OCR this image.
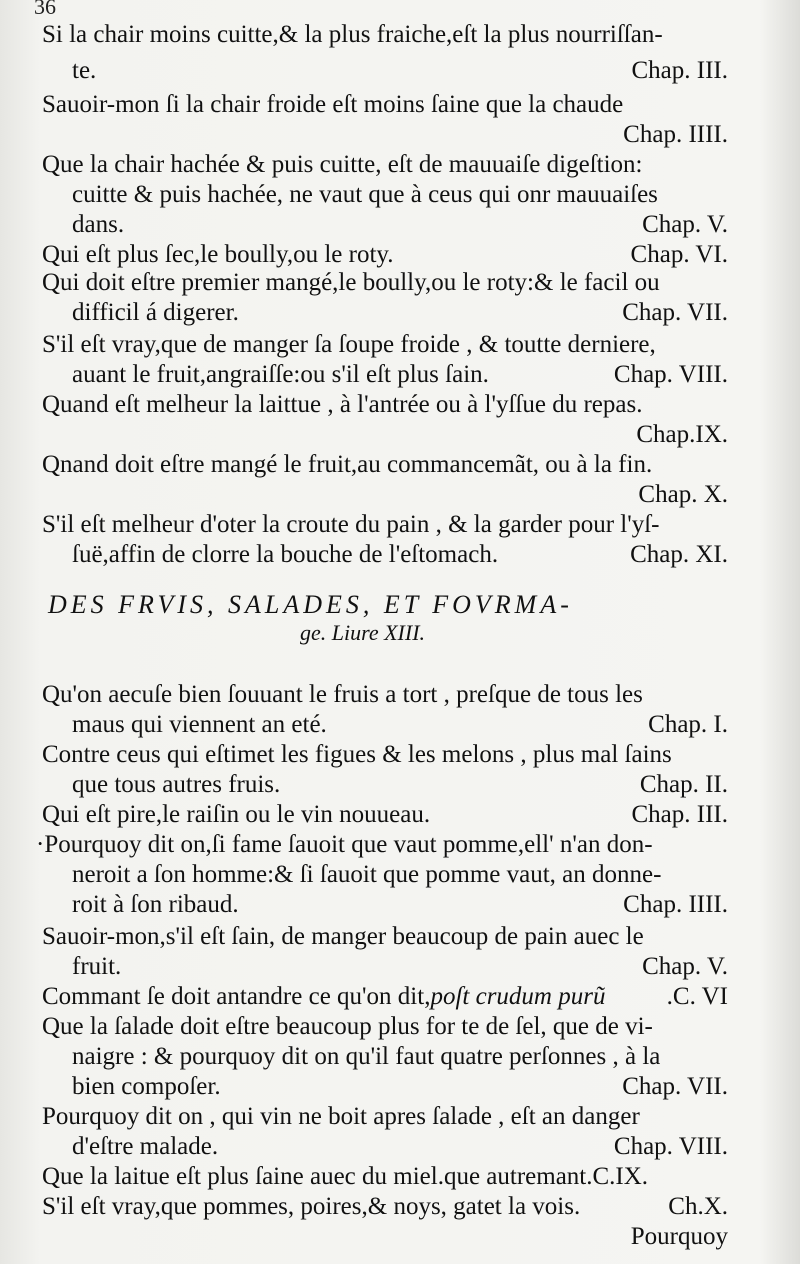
36
Si la chair moins cuitte,& la plus fraiche,eſt la plus nourriſſan-
te.	Chap. III.
Sauoir-mon ſi la chair froide eſt moins ſaine que la chaude
Chap. IIII.
Que la chair hachée & puis cuitte, eſt de mauuaiſe digeſtion:
cuitte & puis hachée, ne vaut que à ceus qui onr mauuaiſes
dans.	Chap. V.
Qui eſt plus ſec,le boully,ou le roty.	Chap. VI.
Qui doit eſtre premier mangé,le boully,ou le roty:& le facil ou
difficil á digerer.	Chap. VII.
S'il eſt vray,que de manger ſa ſoupe froide , & toutte derniere,
auant le fruit,angraiſſe:ou s'il eſt plus ſain.	Chap. VIII.
Quand eſt melheur la laittue , à l'antrée ou à l'yſſue du repas.
Chap.IX.
Qnand doit eſtre mangé le fruit,au commancemãt, ou à la fin.
Chap. X.
S'il eſt melheur d'oter la croute du pain , & la garder pour l'yſ-
ſuë,affin de clorre la bouche de l'eſtomach.	Chap. XI.
DES FRVIS, SALADES, ET FOVRMA-
ge. Liure XIII.
Qu'on aecuſe bien ſouuant le fruis a tort , preſque de tous les
maus qui viennent an eté.	Chap. I.
Contre ceus qui eſtimet les figues & les melons , plus mal ſains
que tous autres fruis.	Chap. II.
Qui eſt pire,le raiſin ou le vin nouueau.	Chap. III.
·Pourquoy dit on,ſi fame ſauoit que vaut pomme,ell' n'an don-
neroit a ſon homme:& ſi ſauoit que pomme vaut, an donne-
roit à ſon ribaud.	Chap. IIII.
Sauoir-mon,s'il eſt ſain, de manger beaucoup de pain auec le
fruit.	Chap. V.
Commant ſe doit antandre ce qu'on dit,poſt crudum purũ .C. VI
Que la ſalade doit eſtre beaucoup plus for te de ſel, que de vi-
naigre : & pourquoy dit on qu'il faut quatre perſonnes , à la
bien compoſer.	Chap. VII.
Pourquoy dit on , qui vin ne boit apres ſalade , eſt an danger
d'eſtre malade.	Chap. VIII.
Que la laitue eſt plus ſaine auec du miel.que autremant.C.IX.
S'il eſt vray,que pommes, poires,& noys, gatet la vois.	Ch.X.
Pourquoy
